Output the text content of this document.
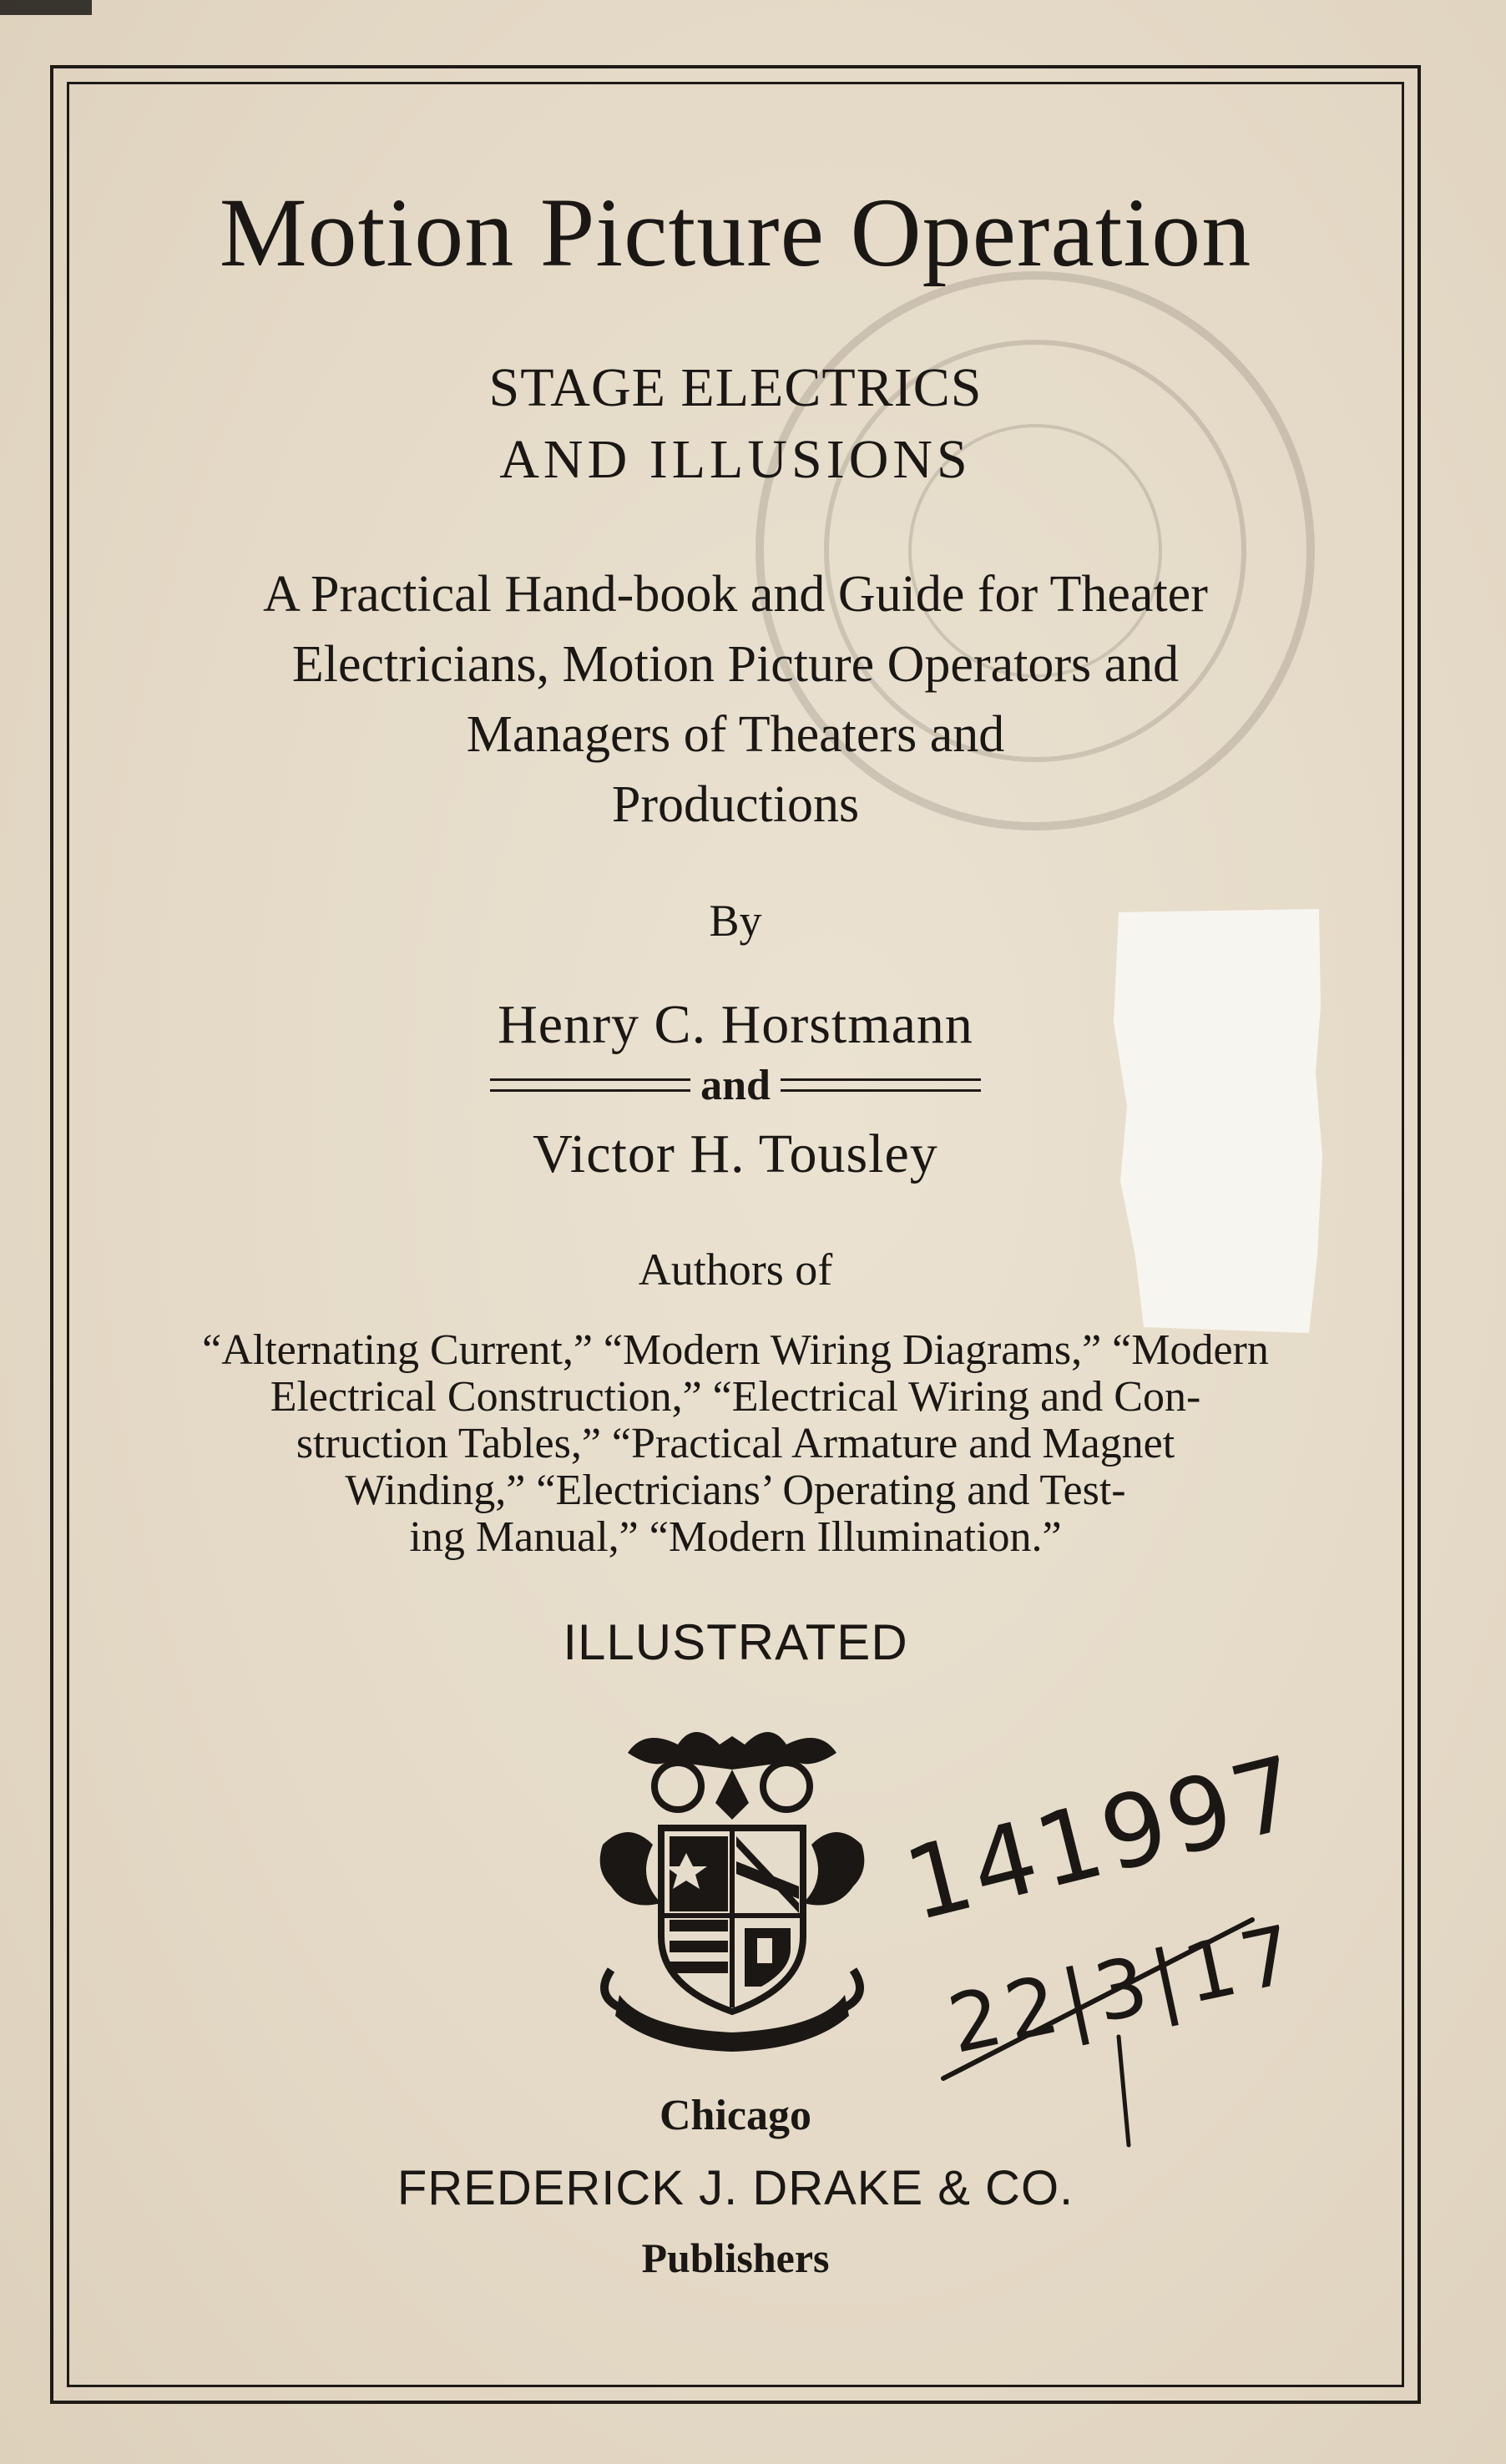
Motion Picture Operation
STAGE ELECTRICS
AND ILLUSIONS
A Practical Hand-book and Guide for Theater
Electricians, Motion Picture Operators and
Managers of Theaters and
Productions
By
Henry C. Horstmann
and
Victor H. Tousley
Authors of
“Alternating Current,” “Modern Wiring Diagrams,” “Modern
Electrical Construction,” “Electrical Wiring and Con-
struction Tables,” “Practical Armature and Magnet
Winding,” “Electricians’ Operating and Test-
ing Manual,” “Modern Illumination.”
ILLUSTRATED
141997
22|3|17
Chicago
FREDERICK J. DRAKE & CO.
Publishers
